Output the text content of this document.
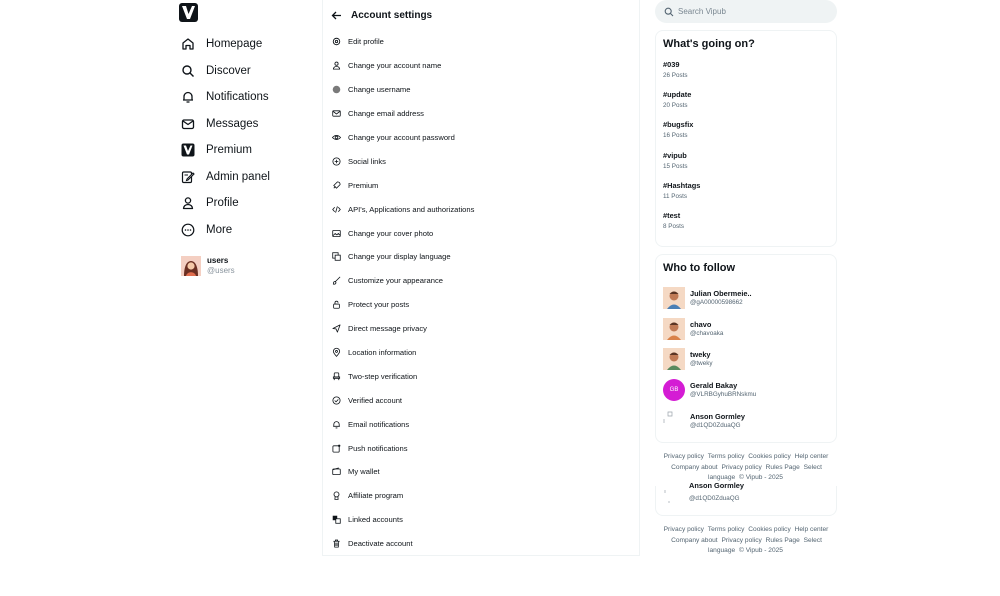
Homepage
Discover
Notifications
Messages
Premium
Admin panel
Profile
More
users
@users
Account settings
Edit profile
Change your account name
Change username
Change email address
Change your account password
Social links
Premium
API's, Applications and authorizations
Change your cover photo
Change your display language
Customize your appearance
Protect your posts
Direct message privacy
Location information
Two-step verification
Verified account
Email notifications
Push notifications
My wallet
Affiliate program
Linked accounts
Deactivate account
Search Vipub
What's going on?
#039
26 Posts
#update
20 Posts
#bugsfix
16 Posts
#vipub
15 Posts
#Hashtags
11 Posts
#test
8 Posts
Who to follow
Julian Obermeie..
@gA00000598662
chavo
@chavoaka
tweky
@tweky
GB	Gerald Bakay
@VLRBGyhuBRNskmu
Anson Gormley
@d1QD0ZduaQG
Privacy policy Terms policy Cookies policy Help center Company about Privacy policy Rules Page Select language © Vipub - 2025
Anson Gormley
@d1QD0ZduaQG
Privacy policy Terms policy Cookies policy Help center Company about Privacy policy Rules Page Select language © Vipub - 2025
